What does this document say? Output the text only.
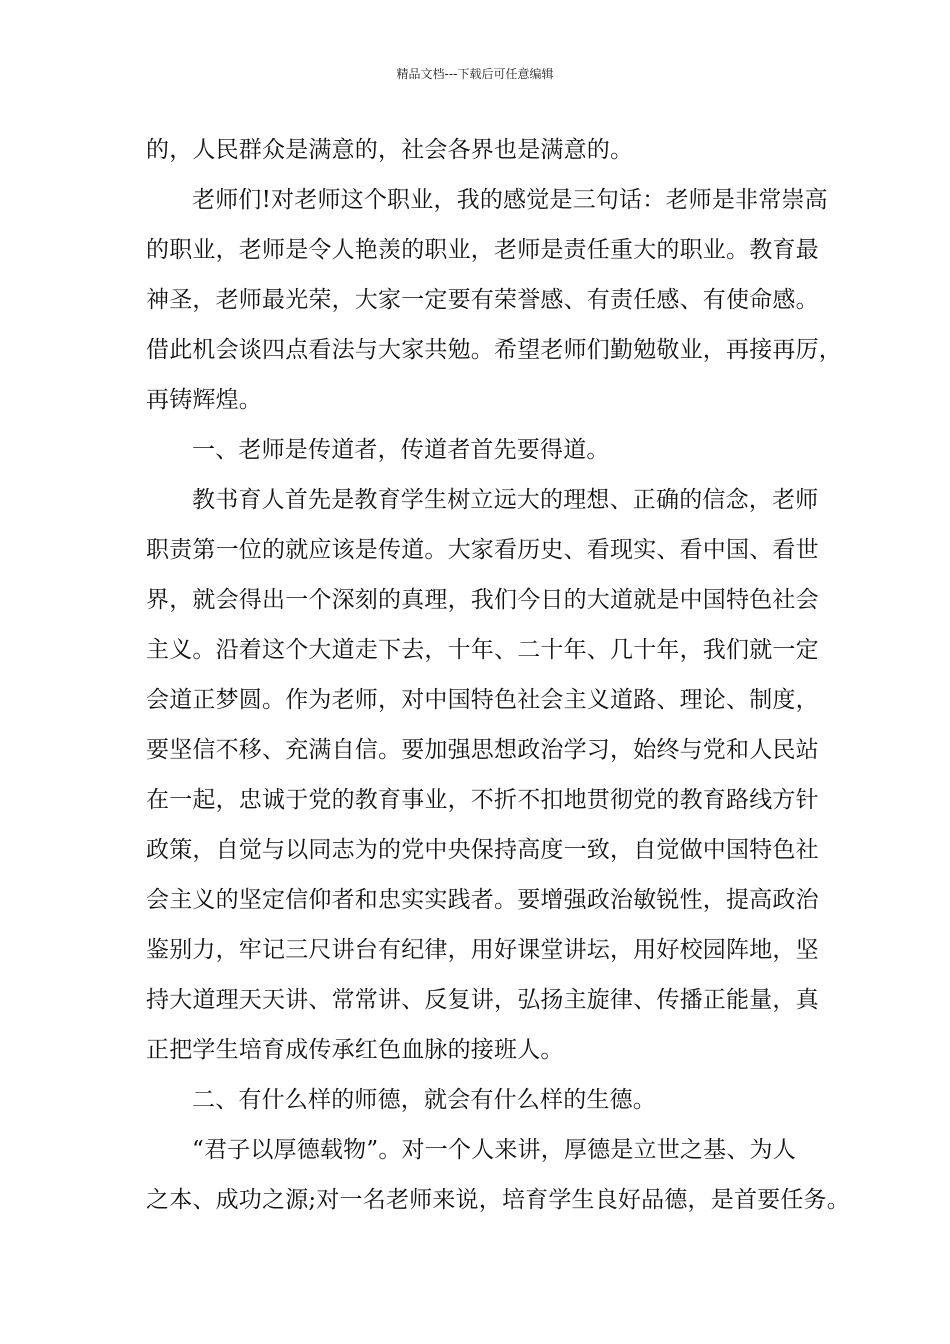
精品文档---下载后可任意编辑
的，人民群众是满意的，社会各界也是满意的。
老师们!对老师这个职业，我的感觉是三句话：老师是非常崇高
的职业，老师是令人艳羡的职业，老师是责任重大的职业。教育最
神圣，老师最光荣，大家一定要有荣誉感、有责任感、有使命感。
借此机会谈四点看法与大家共勉。希望老师们勤勉敬业，再接再厉，
再铸辉煌。
一、老师是传道者，传道者首先要得道。
教书育人首先是教育学生树立远大的理想、正确的信念，老师
职责第一位的就应该是传道。大家看历史、看现实、看中国、看世
界，就会得出一个深刻的真理，我们今日的大道就是中国特色社会
主义。沿着这个大道走下去，十年、二十年、几十年，我们就一定
会道正梦圆。作为老师，对中国特色社会主义道路、理论、制度，
要坚信不移、充满自信。要加强思想政治学习，始终与党和人民站
在一起，忠诚于党的教育事业，不折不扣地贯彻党的教育路线方针
政策，自觉与以同志为的党中央保持高度一致，自觉做中国特色社
会主义的坚定信仰者和忠实实践者。要增强政治敏锐性，提高政治
鉴别力，牢记三尺讲台有纪律，用好课堂讲坛，用好校园阵地，坚
持大道理天天讲、常常讲、反复讲，弘扬主旋律、传播正能量，真
正把学生培育成传承红色血脉的接班人。
二、有什么样的师德，就会有什么样的生德。
“君子以厚德载物”。对一个人来讲，厚德是立世之基、为人
之本、成功之源;对一名老师来说，培育学生良好品德，是首要任务。
